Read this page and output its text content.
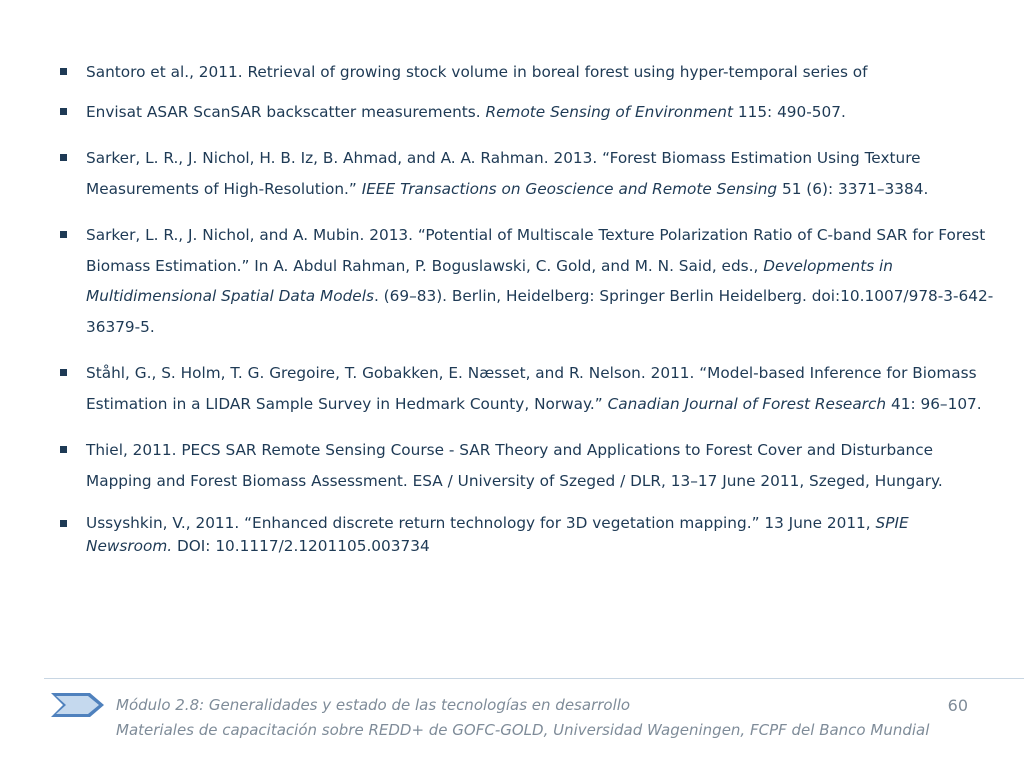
Santoro et al., 2011. Retrieval of growing stock volume in boreal forest using hyper-temporal series of
Envisat ASAR ScanSAR backscatter measurements. Remote Sensing of Environment 115: 490-507.
Sarker, L. R., J. Nichol, H. B. Iz, B. Ahmad, and A. A. Rahman. 2013. “Forest Biomass Estimation Using Texture Measurements of High-Resolution.” IEEE Transactions on Geoscience and Remote Sensing 51 (6): 3371–3384.
Sarker, L. R., J. Nichol, and A. Mubin. 2013. “Potential of Multiscale Texture Polarization Ratio of C-band SAR for Forest Biomass Estimation.” In A. Abdul Rahman, P. Boguslawski, C. Gold, and M. N. Said, eds., Developments in Multidimensional Spatial Data Models. (69–83). Berlin, Heidelberg: Springer Berlin Heidelberg. doi:10.1007/978-3-642-36379-5.
Ståhl, G., S. Holm, T. G. Gregoire, T. Gobakken, E. Næsset, and R. Nelson. 2011. “Model-based Inference for Biomass Estimation in a LIDAR Sample Survey in Hedmark County, Norway.” Canadian Journal of Forest Research 41: 96–107.
Thiel, 2011. PECS SAR Remote Sensing Course - SAR Theory and Applications to Forest Cover and Disturbance Mapping and Forest Biomass Assessment. ESA / University of Szeged / DLR, 13–17 June 2011, Szeged, Hungary.
Ussyshkin, V., 2011. “Enhanced discrete return technology for 3D vegetation mapping.” 13 June 2011, SPIE Newsroom. DOI: 10.1117/2.1201105.003734
Módulo 2.8: Generalidades y estado de las tecnologías en desarrollo
Materiales de capacitación sobre REDD+ de GOFC-GOLD, Universidad Wageningen, FCPF del Banco Mundial
60
